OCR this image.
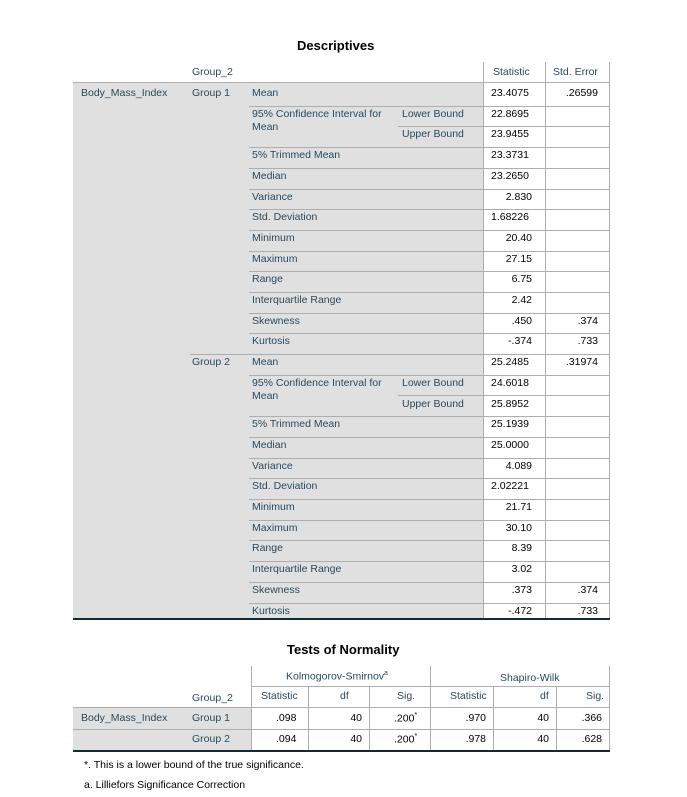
Descriptives
Group_2	Statistic Std. Error
Body_Mass_Index Group 1 Mean	23.4075	.26599
95% Confidence Interval for
Mean
Lower Bound	22.8695
Upper Bound	23.9455
5% Trimmed Mean	23.3731
Median	23.2650
Variance	2.830
Std. Deviation	1.68226
Minimum	20.40
Maximum	27.15
Range	6.75
Interquartile Range	2.42
Skewness	.450	.374
Kurtosis	-.374	.733
Group 2 Mean	25.2485	.31974
95% Confidence Interval for
Mean
Lower Bound	24.6018
Upper Bound	25.8952
5% Trimmed Mean	25.1939
Median	25.0000
Variance	4.089
Std. Deviation	2.02221
Minimum	21.71
Maximum	30.10
Range	8.39
Interquartile Range	3.02
Skewness	.373	.374
Kurtosis	-.472	.733
Tests of Normality
Kolmogorov-Smirnov$^a$	Shapiro-Wilk
Group_2	Statistic	df	Sig.	Statistic	df	Sig.
Body_Mass_Index Group 1	.098	40	.200*	.970	40	.366
Group 2	.094	40	.200*	.978	40	.628
*. This is a lower bound of the true significance.
a. Lilliefors Significance Correction
